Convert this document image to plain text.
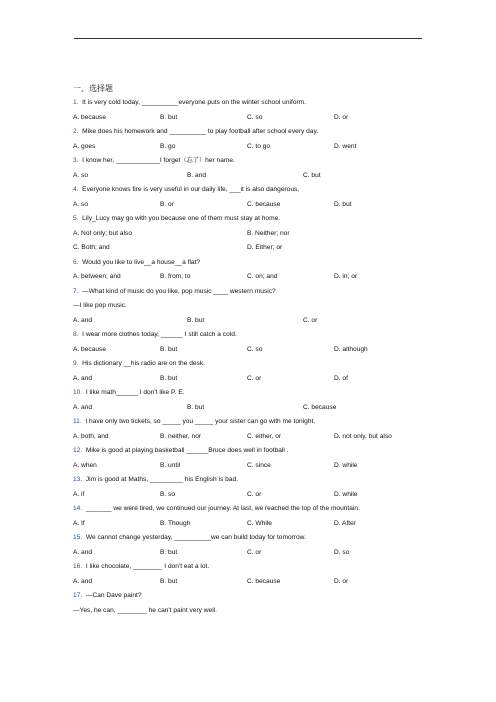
一、选择题
1. It is very cold today, __________everyone puts on the winter school uniform.
A. because	B. but	C. so	D. or
2. Mike does his homework and __________ to play football after school every day.
A. goes	B. go	C. to go	D. went
3. I know her, ____________I forget（忘了）her name.
A. so	B. and	C. but
4. Everyone knows fire is very useful in our daily life, ___it is also dangerous.
A. so	B. or	C. because	D. but
5. Lily_Lucy may go with you because one of them must stay at home.
A. Not only; but also	B. Neither; nor
C. Both; and	D. Either; or
6. Would you like to live__a house__a flat?
A. between; and	B. from; to	C. on; and	D. in; or
7. —What kind of music do you like, pop music ____ western music?
—I like pop music.
A. and	B. but	C. or
8. I wear more clothes today, ______ I still catch a cold.
A. because	B. but	C. so	D. although
9. His dictionary __his radio are on the desk.
A. and	B. but	C. or	D. of
10. I like math______ I don't like P. E.
A. and	B. but	C. because
11. I have only two tickets, so _____ you _____ your sister can go with me tonight.
A. both, and	B. neither, nor	C. either, or	D. not only, but also
12. Mike is good at playing basketball ______Bruce does well in football .
A. when	B. until	C. since	D. while
13. Jim is good at Maths, _________ his English is bad.
A. if	B. so	C. or	D. while
14. _______ we were tired, we continued our journey. At last, we reached the top of the mountain.
A. If	B. Though	C. While	D. After
15. We cannot change yesterday, __________we can build today for tomorrow.
A. and	B. but	C. or	D. so
16. I like chocolate, ________ I don't eat a lot.
A. and	B. but	C. because	D. or
17. —Can Dave paint?
—Yes, he can, ________ he can't paint very well.
